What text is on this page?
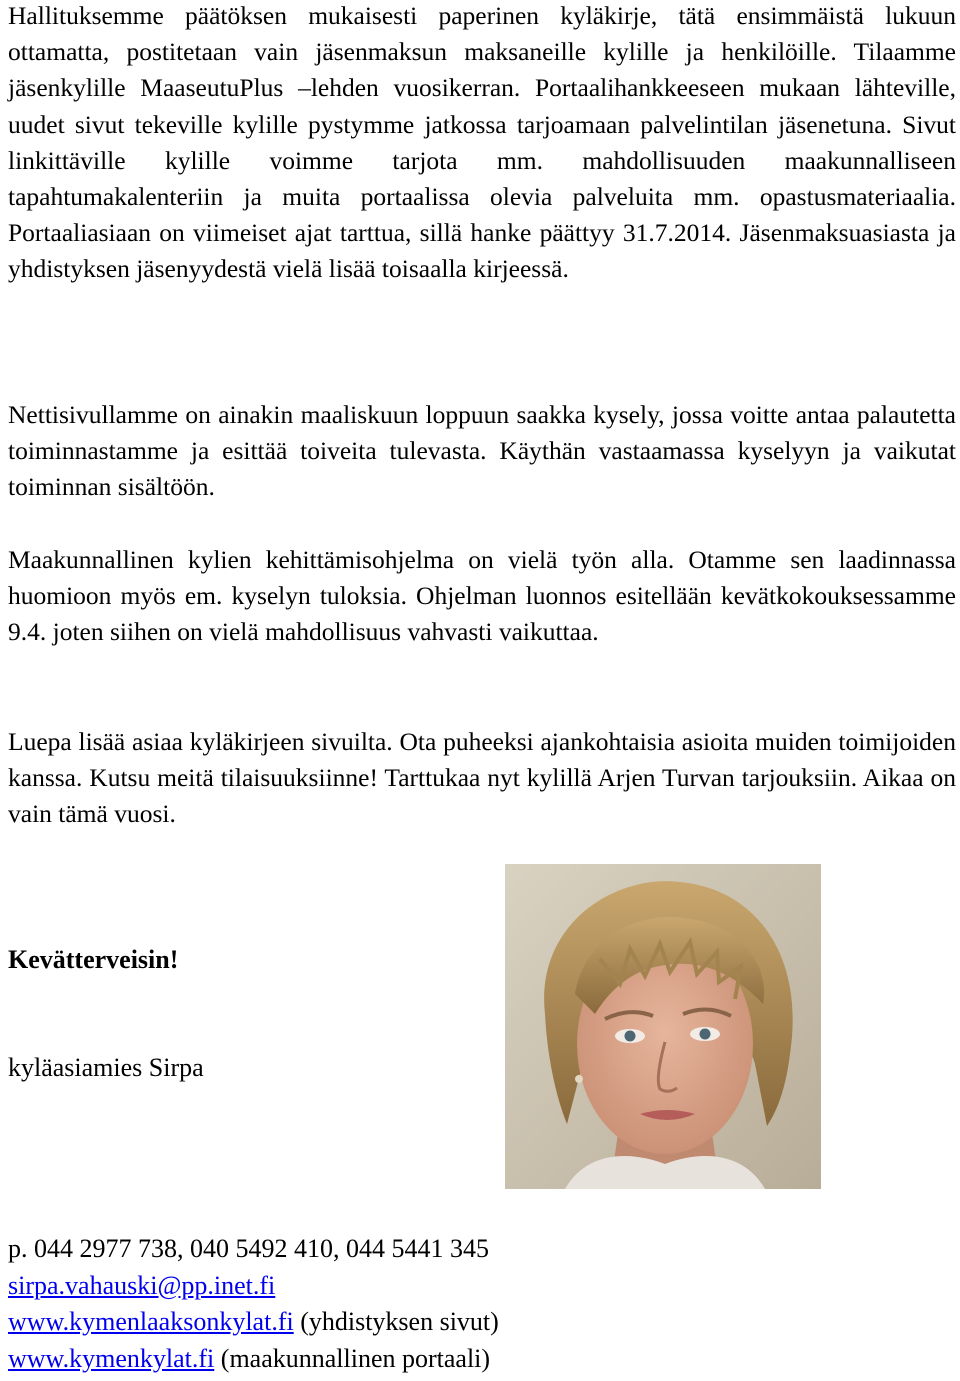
Hallituksemme päätöksen mukaisesti paperinen kyläkirje, tätä ensimmäistä lukuun ottamatta, postitetaan vain jäsenmaksun maksaneille kylille ja henkilöille. Tilaamme jäsenkylille MaaseutuPlus –lehden vuosikerran. Portaalihankkeeseen mukaan lähteville, uudet sivut tekeville kylille pystymme jatkossa tarjoamaan palvelintilan jäsenetuna. Sivut linkittäville kylille voimme tarjota mm. mahdollisuuden maakunnalliseen tapahtumakalenteriin ja muita portaalissa olevia palveluita mm. opastusmateriaalia. Portaaliasiaan on viimeiset ajat tarttua, sillä hanke päättyy 31.7.2014. Jäsenmaksuasiasta ja yhdistyksen jäsenyydestä vielä lisää toisaalla kirjeessä.

Nettisivullamme on ainakin maaliskuun loppuun saakka kysely, jossa voitte antaa palautetta toiminnastamme ja esittää toiveita tulevasta. Käythän vastaamassa kyselyyn ja vaikutat toiminnan sisältöön.

Maakunnallinen kylien kehittämisohjelma on vielä työn alla. Otamme sen laadinnassa huomioon myös em. kyselyn tuloksia. Ohjelman luonnos esitellään kevätkokouksessamme 9.4. joten siihen on vielä mahdollisuus vahvasti vaikuttaa.

Luepa lisää asiaa kyläkirjeen sivuilta. Ota puheeksi ajankohtaisia asioita muiden toimijoiden kanssa. Kutsu meitä tilaisuuksiinne! Tarttukaa nyt kylillä Arjen Turvan tarjouksiin. Aikaa on vain tämä vuosi.

Kevätterveisin!
kyläasiamies Sirpa
p. 044 2977 738, 040 5492 410, 044 5441 345
sirpa.vahauski@pp.inet.fi
www.kymenlaaksonkylat.fi (yhdistyksen sivut)
www.kymenkylat.fi (maakunnallinen portaali)
